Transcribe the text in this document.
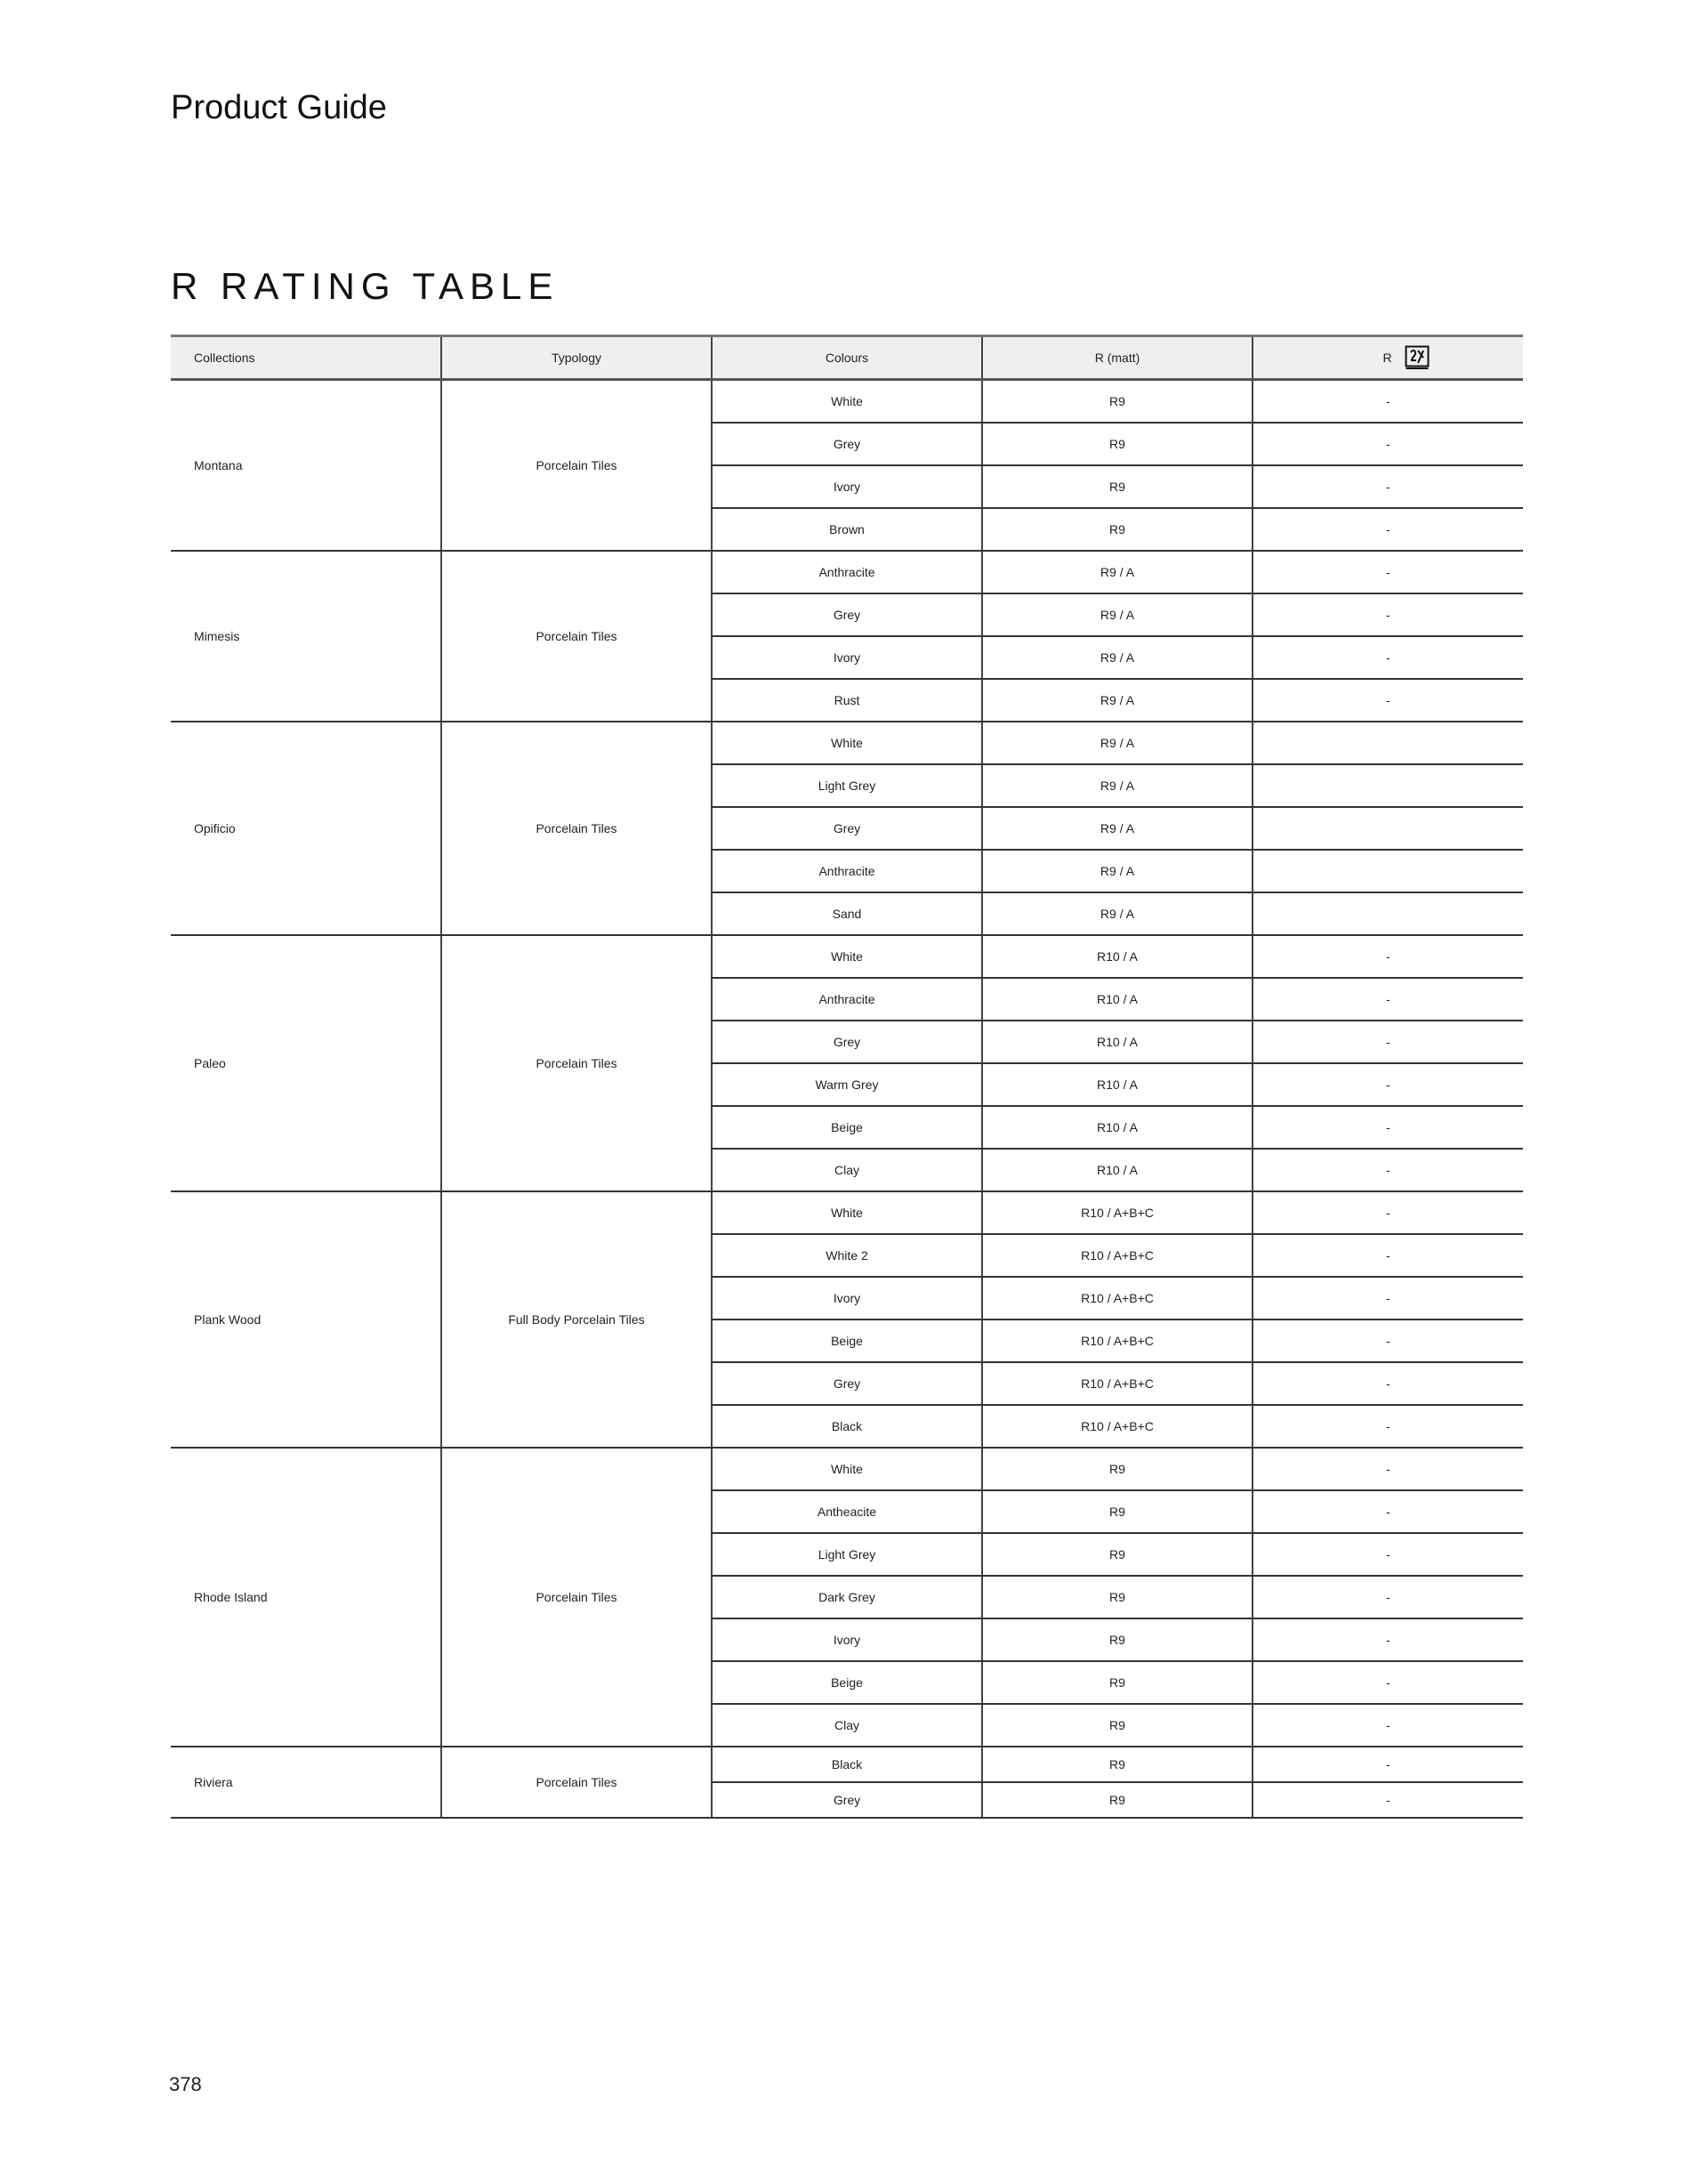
Product Guide
R RATING TABLE
Collections	Typology	Colours	R (matt)	R

Montana	Porcelain Tiles	White	R9	-
		Grey	R9	-
		Ivory	R9	-
		Brown	R9	-
Mimesis	Porcelain Tiles	Anthracite	R9 / A	-
		Grey	R9 / A	-
		Ivory	R9 / A	-
		Rust	R9 / A	-
Opificio	Porcelain Tiles	White	R9 / A	
		Light Grey	R9 / A	
		Grey	R9 / A	
		Anthracite	R9 / A	
		Sand	R9 / A	
Paleo	Porcelain Tiles	White	R10 / A	-
		Anthracite	R10 / A	-
		Grey	R10 / A	-
		Warm Grey	R10 / A	-
		Beige	R10 / A	-
		Clay	R10 / A	-
Plank Wood	Full Body Porcelain Tiles	White	R10 / A+B+C	-
		White 2	R10 / A+B+C	-
		Ivory	R10 / A+B+C	-
		Beige	R10 / A+B+C	-
		Grey	R10 / A+B+C	-
		Black	R10 / A+B+C	-
Rhode Island	Porcelain Tiles	White	R9	-
		Antheacite	R9	-
		Light Grey	R9	-
		Dark Grey	R9	-
		Ivory	R9	-
		Beige	R9	-
		Clay	R9	-
Riviera	Porcelain Tiles	Black	R9	-
		Grey	R9	-
378
